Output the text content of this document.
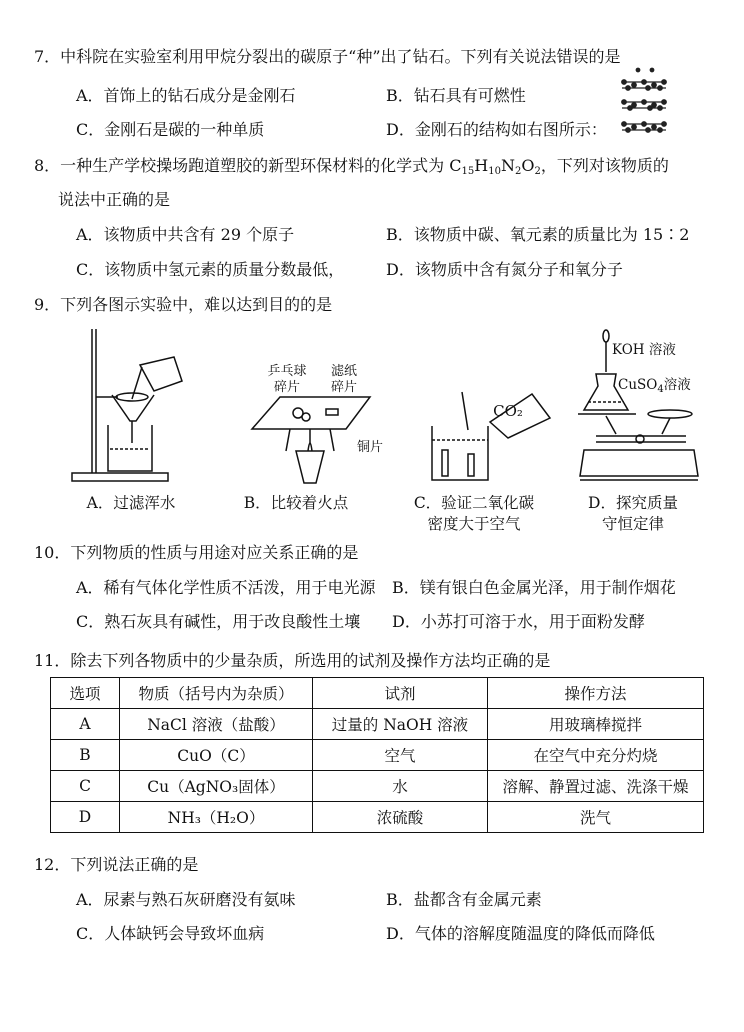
7．中科院在实验室利用甲烷分裂出的碳原子“种”出了钻石。下列有关说法错误的是
A．首饰上的钻石成分是金刚石	B．钻石具有可燃性
C．金刚石是碳的一种单质	D．金刚石的结构如右图所示：
8．一种生产学校操场跑道塑胶的新型环保材料的化学式为 $C_{15}H_{10}N_2O_2$，下列对该物质的
说法中正确的是
A．该物质中共含有 29 个原子	B．该物质中碳、氧元素的质量比为 15∶2
C．该物质中氢元素的质量分数最低，	D．该物质中含有氮分子和氧分子
9．下列各图示实验中，难以达到目的的是
A．过滤浑水
乒乓球
碎片
滤纸
碎片
铜片
B．比较着火点
CO₂
C．验证二氧化碳
密度大于空气
KOH 溶液
CuSO$_4$溶液
D．探究质量
守恒定律
10．下列物质的性质与用途对应关系正确的是
A．稀有气体化学性质不活泼，用于电光源 B．镁有银白色金属光泽，用于制作烟花
C．熟石灰具有碱性，用于改良酸性土壤 D．小苏打可溶于水，用于面粉发酵
11．除去下列各物质中的少量杂质，所选用的试剂及操作方法均正确的是
选项	物质（括号内为杂质）	试剂	操作方法
A	NaCl 溶液（盐酸）	过量的 NaOH 溶液	用玻璃棒搅拌
B	CuO（C）	空气	在空气中充分灼烧
C	Cu（AgNO₃固体）	水	溶解、静置过滤、洗涤干燥
D	NH₃（H₂O）	浓硫酸	洗气
12．下列说法正确的是
A．尿素与熟石灰研磨没有氨味	B．盐都含有金属元素
C．人体缺钙会导致坏血病	D．气体的溶解度随温度的降低而降低
